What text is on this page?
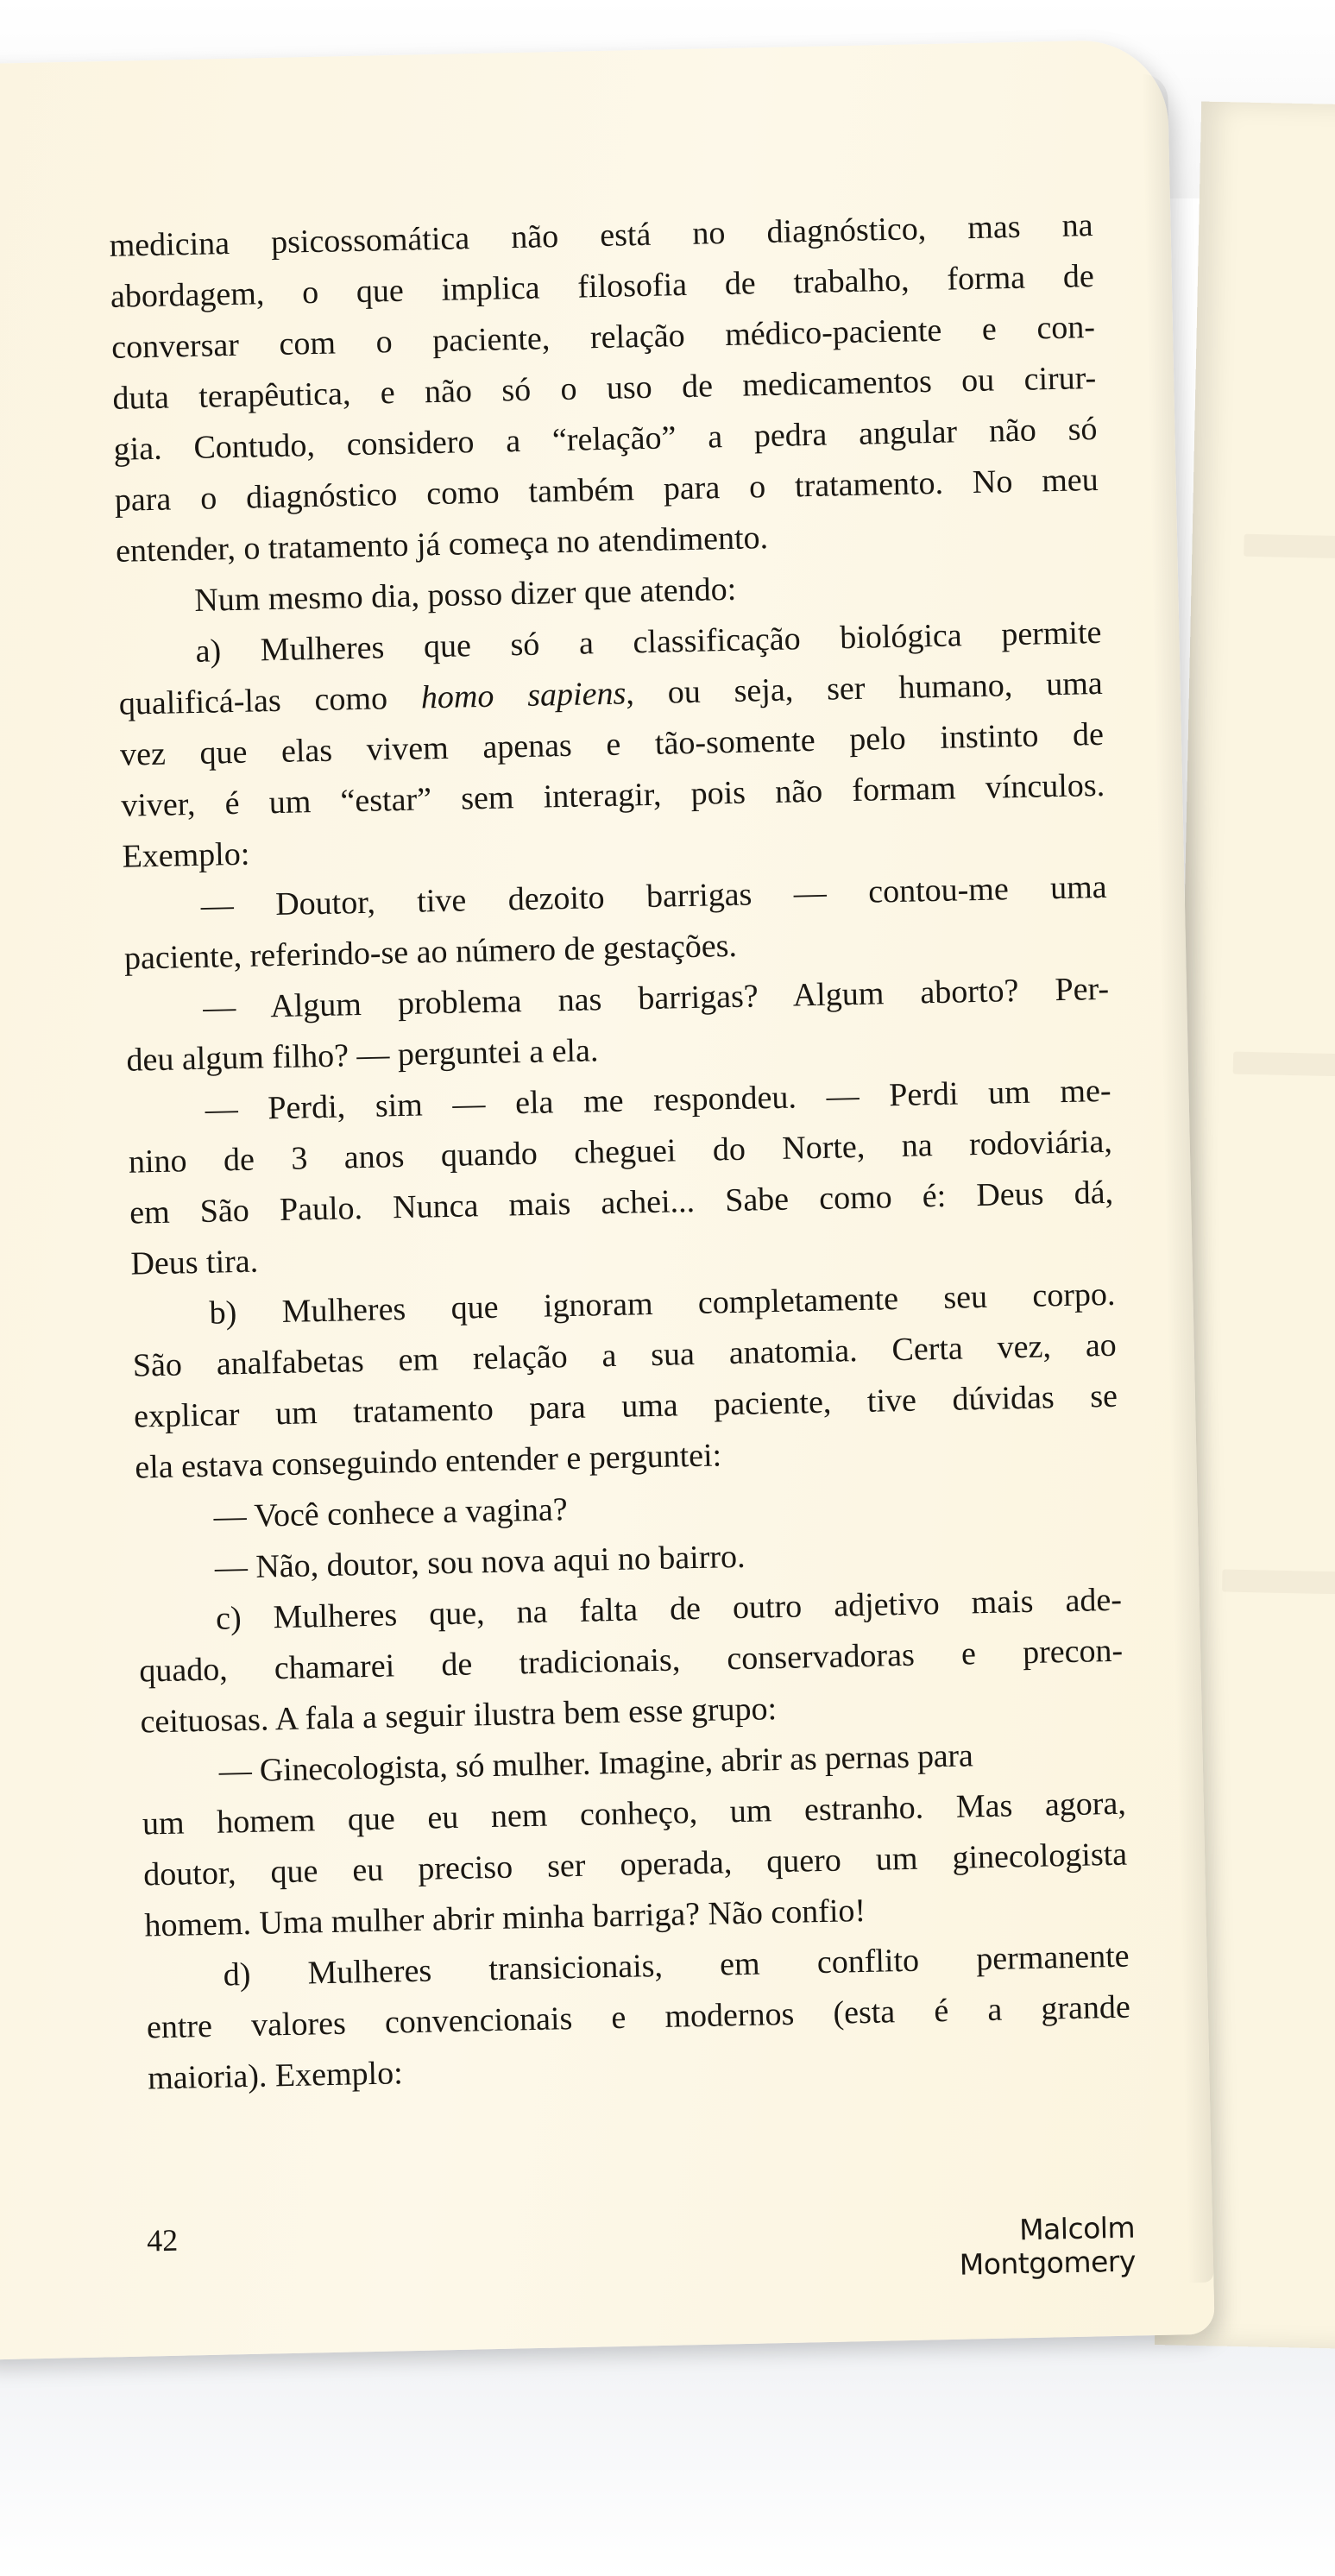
medicina psicossomática não está no diagnóstico, mas na
abordagem, o que implica filosofia de trabalho, forma de
conversar com o paciente, relação médico-paciente e con-
duta terapêutica, e não só o uso de medicamentos ou cirur-
gia. Contudo, considero a “relação” a pedra angular não só
para o diagnóstico como também para o tratamento. No meu
entender, o tratamento já começa no atendimento.
Num mesmo dia, posso dizer que atendo:
a) Mulheres que só a classificação biológica permite
qualificá-las como homo sapiens, ou seja, ser humano, uma
vez que elas vivem apenas e tão-somente pelo instinto de
viver, é um “estar” sem interagir, pois não formam vínculos.
Exemplo:
— Doutor, tive dezoito barrigas — contou-me uma
paciente, referindo-se ao número de gestações.
— Algum problema nas barrigas? Algum aborto? Per-
deu algum filho? — perguntei a ela.
— Perdi, sim — ela me respondeu. — Perdi um me-
nino de 3 anos quando cheguei do Norte, na rodoviária,
em São Paulo. Nunca mais achei... Sabe como é: Deus dá,
Deus tira.
b) Mulheres que ignoram completamente seu corpo.
São analfabetas em relação a sua anatomia. Certa vez, ao
explicar um tratamento para uma paciente, tive dúvidas se
ela estava conseguindo entender e perguntei:
— Você conhece a vagina?
— Não, doutor, sou nova aqui no bairro.
c) Mulheres que, na falta de outro adjetivo mais ade-
quado, chamarei de tradicionais, conservadoras e precon-
ceituosas. A fala a seguir ilustra bem esse grupo:
— Ginecologista, só mulher. Imagine, abrir as pernas para
um homem que eu nem conheço, um estranho. Mas agora,
doutor, que eu preciso ser operada, quero um ginecologista
homem. Uma mulher abrir minha barriga? Não confio!
d) Mulheres transicionais, em conflito permanente
entre valores convencionais e modernos (esta é a grande
maioria). Exemplo:
42	Malcolm Montgomery
